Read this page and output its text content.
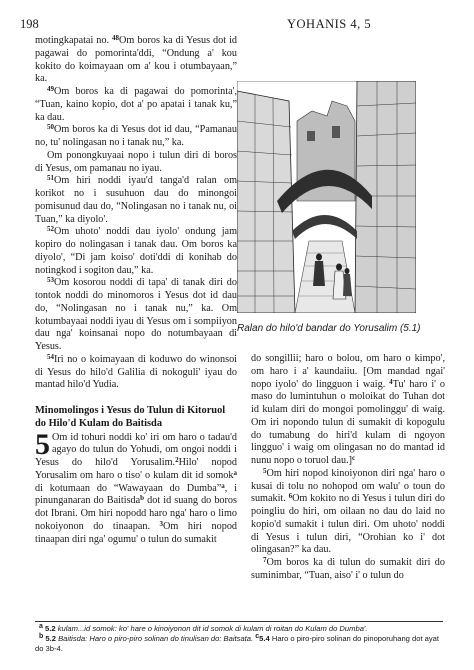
198	YOHANIS 4, 5

motingkapatai no. $^{48}$Om boros ka di Yesus dot id pagawai do pomorinta'ddi, “Ondung a' kou kokito do koimayaan om a' kou i otumbayaan,” ka.

$^{49}$Om boros ka di pagawai do pomorinta', “Tuan, kaino kopio, dot a' po apatai i tanak ku,” ka dau.

$^{50}$Om boros ka di Yesus dot id dau, “Pamanau no, tu' nolingasan no i tanak nu,” ka.

Om ponongkuyaai nopo i tulun diri di boros di Yesus, om pamanau no iyau.

$^{51}$Om hiri noddi iyau'd tanga'd ralan om korikot no i susuhuon dau do minongoi pomisunud dau do, “Nolingasan no i tanak nu, oi Tuan,” ka diyolo'.

$^{52}$Om uhoto' noddi dau iyolo' ondung jam kopiro do nolingasan i tanak dau. Om boros ka diyolo', “Di jam koiso' doti'ddi di konihab do notingkod i sogiton dau,” ka.

$^{53}$Om kosorou noddi di tapa' di tanak diri do tontok noddi do minomoros i Yesus dot id dau do, “Nolingasan no i tanak nu,” ka. Om kotumbayaai noddi iyau di Yesus om i sompiiyon dau nga' koinsanai nopo do notumbayaan di Yesus.

$^{54}$Iri no o koimayaan di koduwo do winonsoi di Yesus do hilo'd Galilia di nokoguli' iyau do mantad hilo'd Yudia.

Minomolingos i Yesus do Tulun di Kitoruol do Hilo'd Kulam do Baitisda

5 Om id tohuri noddi ko' iri om haro o tadau'd agayo do tulun do Yohudi, om ongoi noddi i Yesus do hilo'd Yorusalim.$^2$Hilo' nopod Yorusalim om haro o tiso' o kulam dit id somok$^a$ di kotumaan do “Wawayaan do Dumba”$^a$, i pinunganaran do Baitisda$^b$ dot id suang do boros dot Ibrani. Om hiri nopodd haro nga' haro o limo nokoiyonon do tinaapan. $^3$Om hiri nopod tinaapan diri nga' ogumu' o tulun do sumakit

Ralan do hilo'd bandar do Yorusalim (5.1)

do songillii; haro o bolou, om haro o kimpo', om haro i a' kaundaiiu. [Om mandad ngai' nopo iyolo' do lingguon i waig. $^4$Tu' haro i' o maso do lumintuhun o moloikat do Tuhan dot id kulam diri do mongoi pomolinggu' di waig. Om iri nopondo tulun di sumakit di kopogulu do tumabung do hiri'd kulam di ngoyon lingguo' i waig om olingasan no do mantad id nunu nopo o toruol dau.]$^c$

$^5$Om hiri nopod kinoiyonon diri nga' haro o kusai di tolu no nohopod om walu' o toun do sumakit. $^6$Om kokito no di Yesus i tulun diri do poingliu do hiri, om oilaan no dau do laid no kopio'd sumakit i tulun diri. Om uhoto' noddi di Yesus i tulun diri, “Orohian ko i' dot olingasan?” ka dau.

$^7$Om boros ka di tulun do sumakit diri do suminimbar, “Tuan, aiso' i' o tulun do

$^a$ 5.2 kulam...id somok: ko' hare o kinoiyonon dit id somok di kulam di roitan do Kulam do Dumba'.

$^b$ 5.2 Baitisda: Haro o piro-piro solinan do tinulisan do: Baitsata. $^c$5.4 Haro o piro-piro solinan do pinoporuhang dot ayat do 3b-4.
